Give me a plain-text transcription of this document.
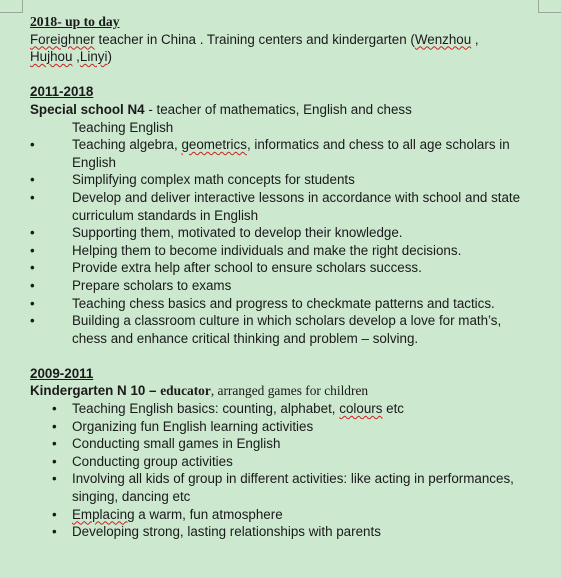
2018- up to day
Foreighner teacher in China . Training centers and kindergarten (Wenzhou ,
Hujhou ,Linyi)
2011-2018
Special school N4 - teacher of mathematics, English and chess
Teaching English
•	Teaching algebra, geometrics, informatics and chess to all age scholars in English
•	Simplifying complex math concepts for students
•	Develop and deliver interactive lessons in accordance with school and state curriculum standards in English
•	Supporting them, motivated to develop their knowledge.
•	Helping them to become individuals and make the right decisions.
•	Provide extra help after school to ensure scholars success.
•	Prepare scholars to exams
•	Teaching chess basics and progress to checkmate patterns and tactics.
•	Building a classroom culture in which scholars develop a love for math’s, chess and enhance critical thinking and problem – solving.
2009-2011
Kindergarten N 10 – educator, arranged games for children
• Teaching English basics: counting, alphabet, colours etc
• Organizing fun English learning activities
• Conducting small games in English
• Conducting group activities
• Involving all kids of group in different activities: like acting in performances, singing, dancing etc
• Emplacing a warm, fun atmosphere
• Developing strong, lasting relationships with parents
